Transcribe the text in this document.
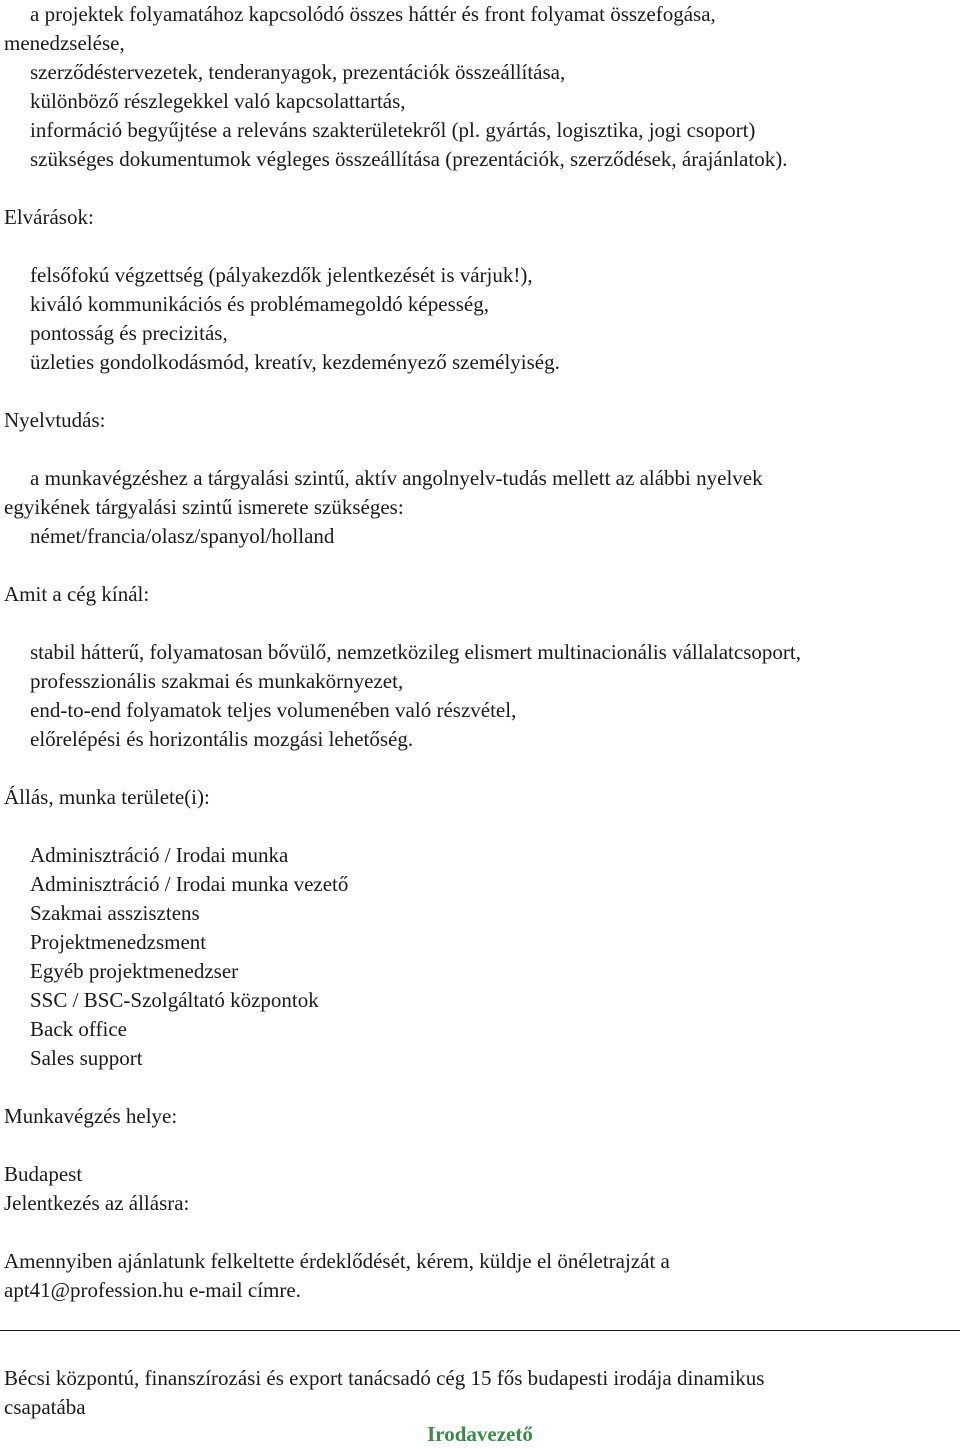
a projektek folyamatához kapcsolódó összes háttér és front folyamat összefogása,
menedzselése,
szerződéstervezetek, tenderanyagok, prezentációk összeállítása,
különböző részlegekkel való kapcsolattartás,
információ begyűjtése a releváns szakterületekről (pl. gyártás, logisztika, jogi csoport)
szükséges dokumentumok végleges összeállítása (prezentációk, szerződések, árajánlatok).
Elvárások:
felsőfokú végzettség (pályakezdők jelentkezését is várjuk!),
kiváló kommunikációs és problémamegoldó képesség,
pontosság és precizitás,
üzleties gondolkodásmód, kreatív, kezdeményező személyiség.
Nyelvtudás:
a munkavégzéshez a tárgyalási szintű, aktív angolnyelv-tudás mellett az alábbi nyelvek
egyikének tárgyalási szintű ismerete szükséges:
német/francia/olasz/spanyol/holland
Amit a cég kínál:
stabil hátterű, folyamatosan bővülő, nemzetközileg elismert multinacionális vállalatcsoport,
professzionális szakmai és munkakörnyezet,
end-to-end folyamatok teljes volumenében való részvétel,
előrelépési és horizontális mozgási lehetőség.
Állás, munka területe(i):
Adminisztráció / Irodai munka
Adminisztráció / Irodai munka vezető
Szakmai asszisztens
Projektmenedzsment
Egyéb projektmenedzser
SSC / BSC-Szolgáltató központok
Back office
Sales support
Munkavégzés helye:
Budapest
Jelentkezés az állásra:
Amennyiben ajánlatunk felkeltette érdeklődését, kérem, küldje el önéletrajzát a
apt41@profession.hu e-mail címre.
Bécsi központú, finanszírozási és export tanácsadó cég 15 fős budapesti irodája dinamikus
csapatába
Irodavezető
